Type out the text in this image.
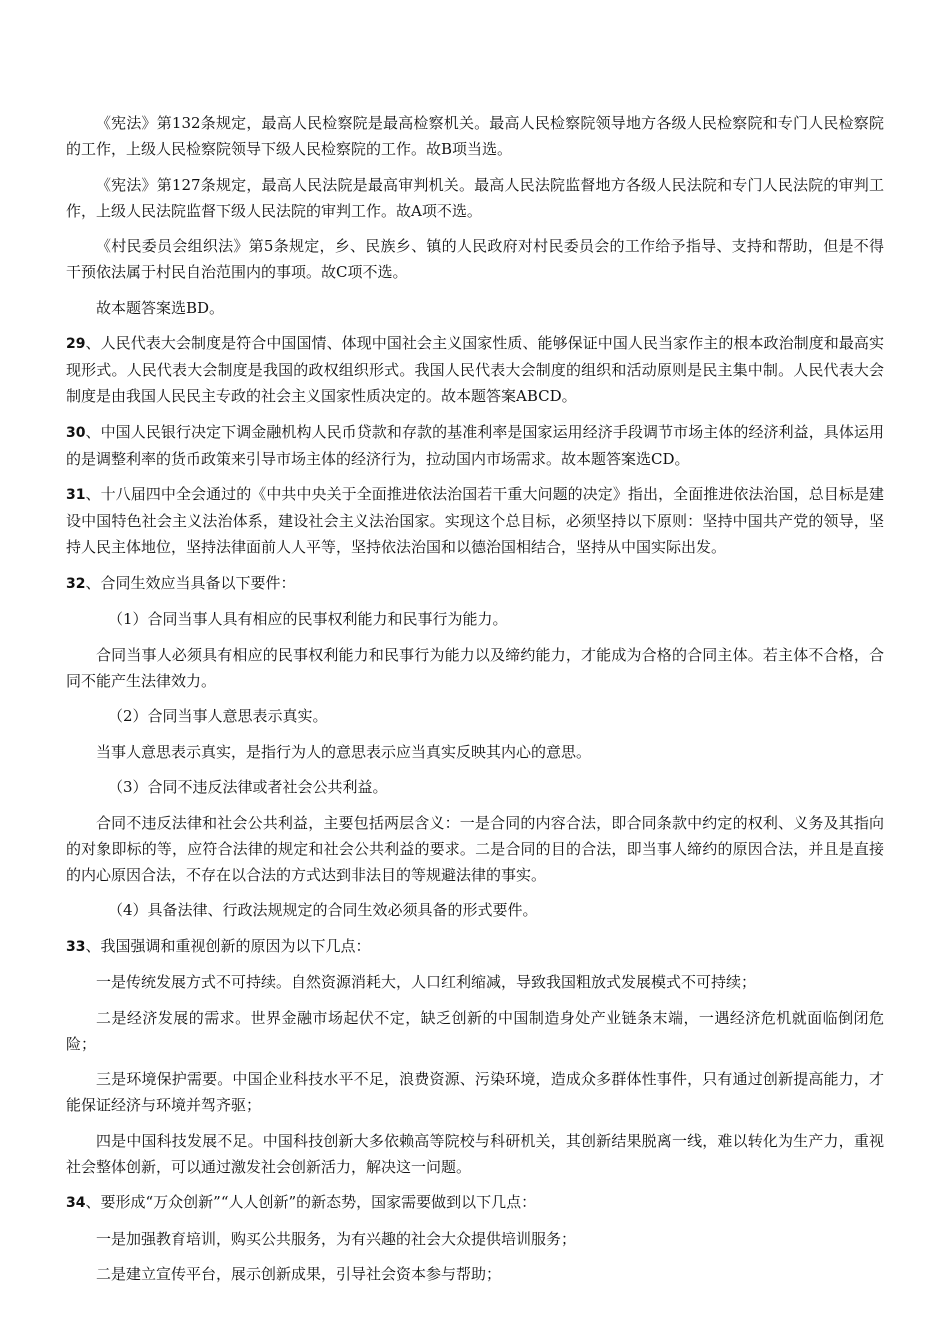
《宪法》第132条规定，最高人民检察院是最高检察机关。最高人民检察院领导地方各级人民检察院和专门人民检察院的工作，上级人民检察院领导下级人民检察院的工作。故B项当选。

《宪法》第127条规定，最高人民法院是最高审判机关。最高人民法院监督地方各级人民法院和专门人民法院的审判工作，上级人民法院监督下级人民法院的审判工作。故A项不选。

《村民委员会组织法》第5条规定，乡、民族乡、镇的人民政府对村民委员会的工作给予指导、支持和帮助，但是不得干预依法属于村民自治范围内的事项。故C项不选。

故本题答案选BD。

29、人民代表大会制度是符合中国国情、体现中国社会主义国家性质、能够保证中国人民当家作主的根本政治制度和最高实现形式。人民代表大会制度是我国的政权组织形式。我国人民代表大会制度的组织和活动原则是民主集中制。人民代表大会制度是由我国人民民主专政的社会主义国家性质决定的。故本题答案ABCD。

30、中国人民银行决定下调金融机构人民币贷款和存款的基准利率是国家运用经济手段调节市场主体的经济利益，具体运用的是调整利率的货币政策来引导市场主体的经济行为，拉动国内市场需求。故本题答案选CD。

31、十八届四中全会通过的《中共中央关于全面推进依法治国若干重大问题的决定》指出，全面推进依法治国，总目标是建设中国特色社会主义法治体系，建设社会主义法治国家。实现这个总目标，必须坚持以下原则：坚持中国共产党的领导，坚持人民主体地位，坚持法律面前人人平等，坚持依法治国和以德治国相结合，坚持从中国实际出发。

32、合同生效应当具备以下要件：

（1）合同当事人具有相应的民事权利能力和民事行为能力。

合同当事人必须具有相应的民事权利能力和民事行为能力以及缔约能力，才能成为合格的合同主体。若主体不合格，合同不能产生法律效力。

（2）合同当事人意思表示真实。

当事人意思表示真实，是指行为人的意思表示应当真实反映其内心的意思。

（3）合同不违反法律或者社会公共利益。

合同不违反法律和社会公共利益，主要包括两层含义：一是合同的内容合法，即合同条款中约定的权利、义务及其指向的对象即标的等，应符合法律的规定和社会公共利益的要求。二是合同的目的合法，即当事人缔约的原因合法，并且是直接的内心原因合法，不存在以合法的方式达到非法目的等规避法律的事实。

（4）具备法律、行政法规规定的合同生效必须具备的形式要件。

33、我国强调和重视创新的原因为以下几点：

一是传统发展方式不可持续。自然资源消耗大，人口红利缩减，导致我国粗放式发展模式不可持续；

二是经济发展的需求。世界金融市场起伏不定，缺乏创新的中国制造身处产业链条末端，一遇经济危机就面临倒闭危险；

三是环境保护需要。中国企业科技水平不足，浪费资源、污染环境，造成众多群体性事件，只有通过创新提高能力，才能保证经济与环境并驾齐驱；

四是中国科技发展不足。中国科技创新大多依赖高等院校与科研机关，其创新结果脱离一线，难以转化为生产力，重视社会整体创新，可以通过激发社会创新活力，解决这一问题。

34、要形成“万众创新”“人人创新”的新态势，国家需要做到以下几点：

一是加强教育培训，购买公共服务，为有兴趣的社会大众提供培训服务；

二是建立宣传平台，展示创新成果，引导社会资本参与帮助；
